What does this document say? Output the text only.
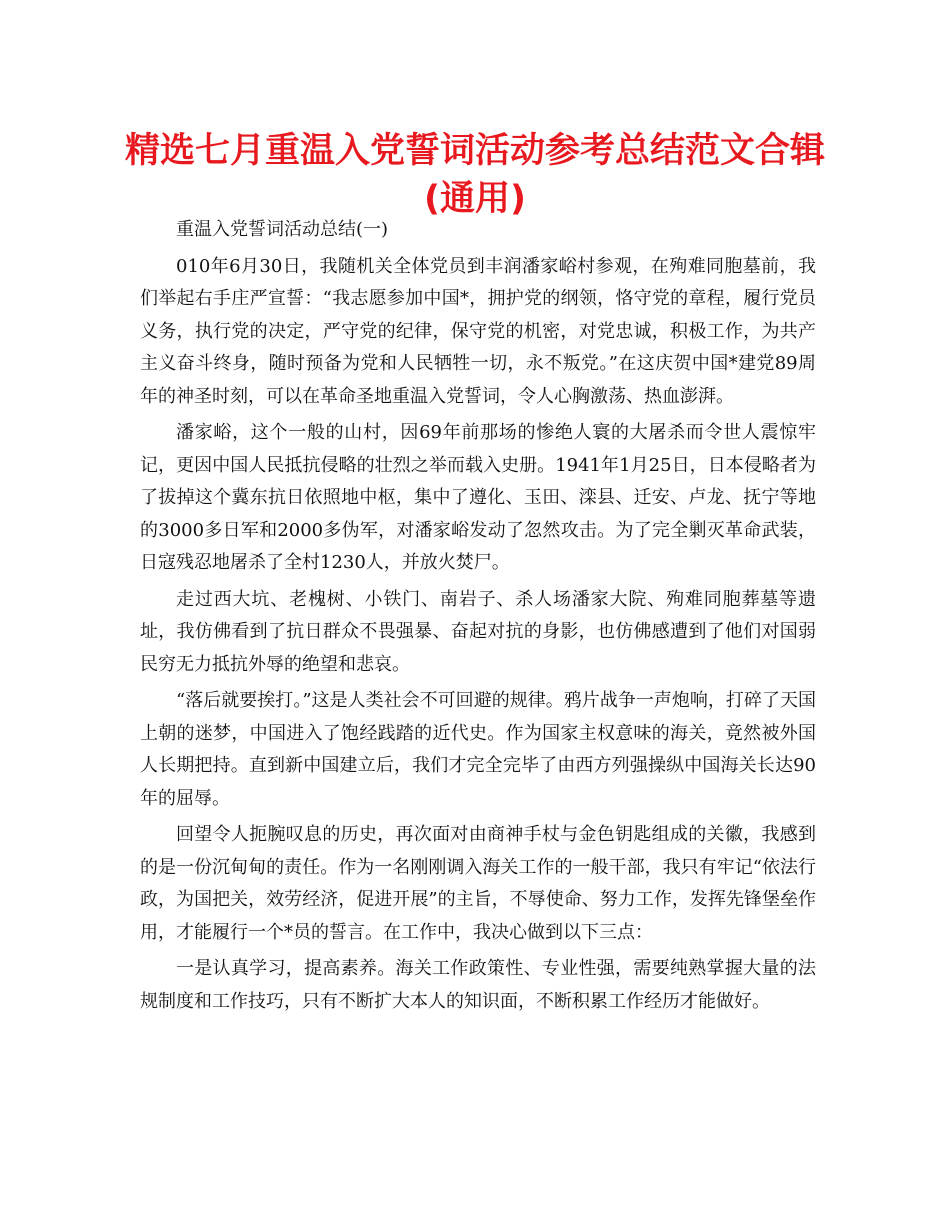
精选七月重温入党誓词活动参考总结范文合辑
(通用)

重温入党誓词活动总结(一)

010年6月30日，我随机关全体党员到丰润潘家峪村参观，在殉难同胞墓前，我们举起右手庄严宣誓：“我志愿参加中国*，拥护党的纲领，恪守党的章程，履行党员义务，执行党的决定，严守党的纪律，保守党的机密，对党忠诚，积极工作，为共产主义奋斗终身，随时预备为党和人民牺牲一切，永不叛党。”在这庆贺中国*建党89周年的神圣时刻，可以在革命圣地重温入党誓词，令人心胸激荡、热血澎湃。

潘家峪，这个一般的山村，因69年前那场的惨绝人寰的大屠杀而令世人震惊牢记，更因中国人民抵抗侵略的壮烈之举而载入史册。1941年1月25日，日本侵略者为了拔掉这个冀东抗日依照地中枢，集中了遵化、玉田、滦县、迁安、卢龙、抚宁等地的3000多日军和2000多伪军，对潘家峪发动了忽然攻击。为了完全剿灭革命武装，日寇残忍地屠杀了全村1230人，并放火焚尸。

走过西大坑、老槐树、小铁门、南岩子、杀人场潘家大院、殉难同胞葬墓等遗址，我仿佛看到了抗日群众不畏强暴、奋起对抗的身影，也仿佛感遭到了他们对国弱民穷无力抵抗外辱的绝望和悲哀。

“落后就要挨打。”这是人类社会不可回避的规律。鸦片战争一声炮响，打碎了天国上朝的迷梦，中国进入了饱经践踏的近代史。作为国家主权意味的海关，竟然被外国人长期把持。直到新中国建立后，我们才完全完毕了由西方列强操纵中国海关长达90年的屈辱。

回望令人扼腕叹息的历史，再次面对由商神手杖与金色钥匙组成的关徽，我感到的是一份沉甸甸的责任。作为一名刚刚调入海关工作的一般干部，我只有牢记“依法行政，为国把关，效劳经济，促进开展”的主旨，不辱使命、努力工作，发挥先锋堡垒作用，才能履行一个*员的誓言。在工作中，我决心做到以下三点：

一是认真学习，提高素养。海关工作政策性、专业性强，需要纯熟掌握大量的法规制度和工作技巧，只有不断扩大本人的知识面，不断积累工作经历才能做好。
